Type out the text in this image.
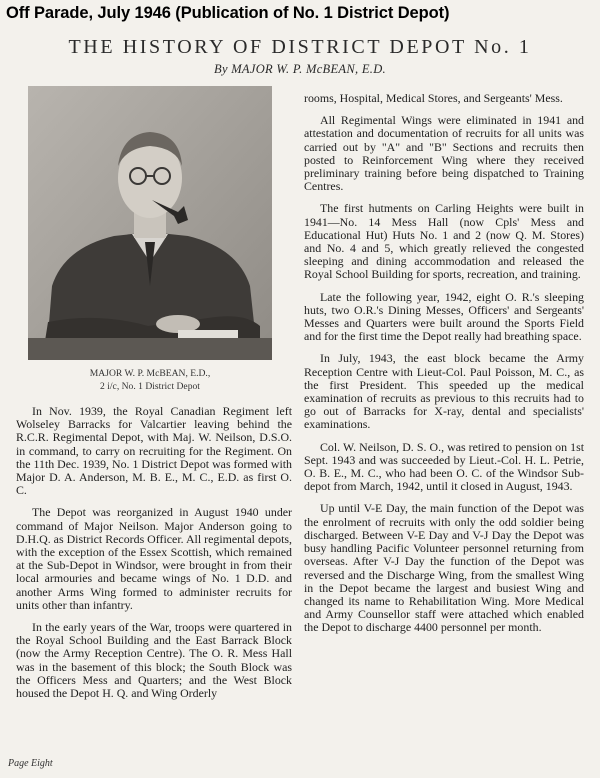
Off Parade, July 1946 (Publication of No. 1 District Depot)
THE HISTORY OF DISTRICT DEPOT No. 1
By MAJOR W. P. McBEAN, E.D.
MAJOR W. P. McBEAN, E.D.,
2 i/c, No. 1 District Depot

In Nov. 1939, the Royal Canadian Regiment left Wolseley Barracks for Valcartier leaving behind the R.C.R. Regimental Depot, with Maj. W. Neilson, D.S.O. in command, to carry on recruiting for the Regiment. On the 11th Dec. 1939, No. 1 District Depot was formed with Major D. A. Anderson, M. B. E., M. C., E.D. as first O. C.

The Depot was reorganized in August 1940 under command of Major Neilson. Major Anderson going to D.H.Q. as District Records Officer. All regimental depots, with the exception of the Essex Scottish, which remained at the Sub-Depot in Windsor, were brought in from their local armouries and became wings of No. 1 D.D. and another Arms Wing formed to administer recruits for units other than infantry.

In the early years of the War, troops were quartered in the Royal School Building and the East Barrack Block (now the Army Reception Centre). The O. R. Mess Hall was in the basement of this block; the South Block was the Officers Mess and Quarters; and the West Block housed the Depot H. Q. and Wing Orderly

rooms, Hospital, Medical Stores, and Sergeants' Mess.

All Regimental Wings were eliminated in 1941 and attestation and documentation of recruits for all units was carried out by "A" and "B" Sections and recruits then posted to Reinforcement Wing where they received preliminary training before being dispatched to Training Centres.

The first hutments on Carling Heights were built in 1941—No. 14 Mess Hall (now Cpls' Mess and Educational Hut) Huts No. 1 and 2 (now Q. M. Stores) and No. 4 and 5, which greatly relieved the congested sleeping and dining accommodation and released the Royal School Building for sports, recreation, and training.

Late the following year, 1942, eight O. R.'s sleeping huts, two O.R.'s Dining Messes, Officers' and Sergeants' Messes and Quarters were built around the Sports Field and for the first time the Depot really had breathing space.

In July, 1943, the east block became the Army Reception Centre with Lieut-Col. Paul Poisson, M. C., as the first President. This speeded up the medical examination of recruits as previous to this recruits had to go out of Barracks for X-ray, dental and specialists' examinations.

Col. W. Neilson, D. S. O., was retired to pension on 1st Sept. 1943 and was succeeded by Lieut.-Col. H. L. Petrie, O. B. E., M. C., who had been O. C. of the Windsor Sub-depot from March, 1942, until it closed in August, 1943.

Up until V-E Day, the main function of the Depot was the enrolment of recruits with only the odd soldier being discharged. Between V-E Day and V-J Day the Depot was busy handling Pacific Volunteer personnel returning from overseas. After V-J Day the function of the Depot was reversed and the Discharge Wing, from the smallest Wing in the Depot became the largest and busiest Wing and changed its name to Rehabilitation Wing. More Medical and Army Counsellor staff were attached which enabled the Depot to discharge 4400 personnel per month.

Page Eight
